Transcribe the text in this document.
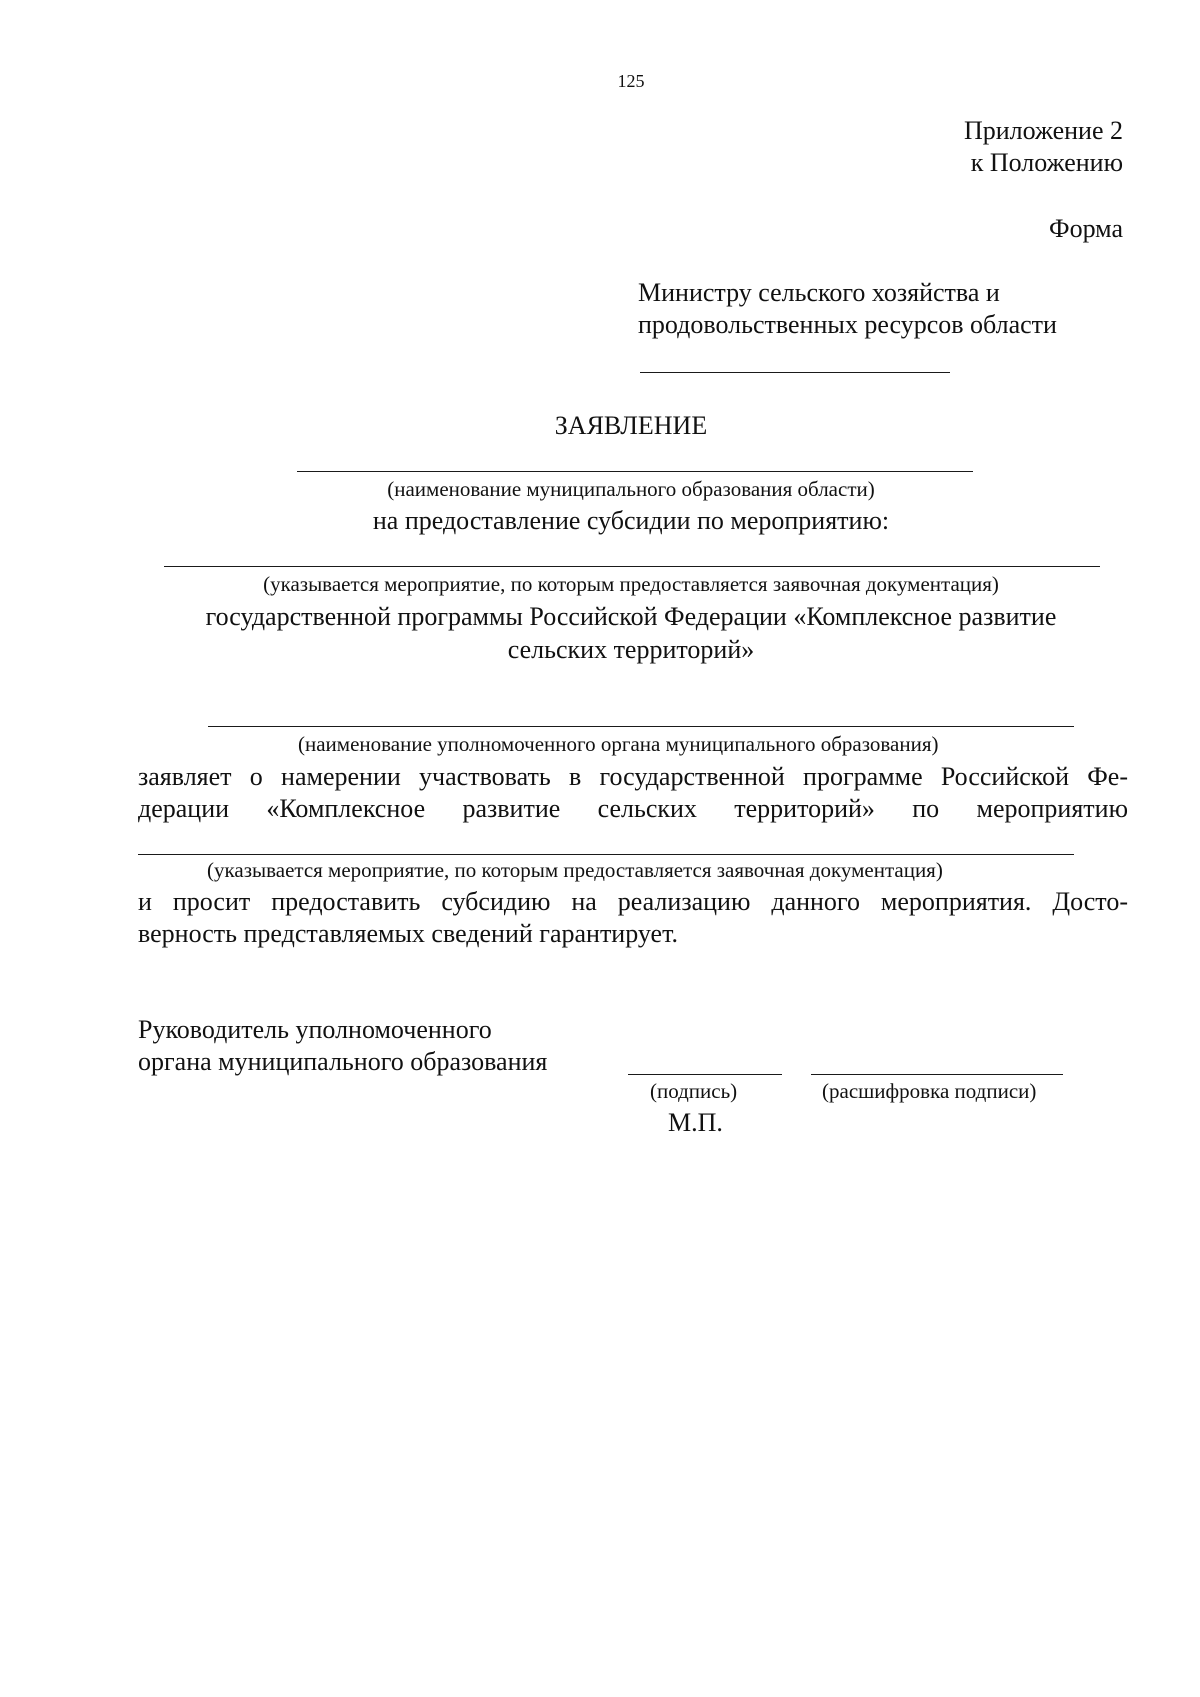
125
Приложение 2
к Положению
Форма
Министру сельского хозяйства и
продовольственных ресурсов области
ЗАЯВЛЕНИЕ
(наименование муниципального образования области)
на предоставление субсидии по мероприятию:
(указывается мероприятие, по которым предоставляется заявочная документация)
государственной программы Российской Федерации «Комплексное развитие
сельских территорий»
(наименование уполномоченного органа муниципального образования)
заявляет о намерении участвовать в государственной программе Российской Фе-
дерации «Комплексное развитие сельских территорий» по мероприятию
(указывается мероприятие, по которым предоставляется заявочная документация)
и просит предоставить субсидию на реализацию данного мероприятия. Досто-
верность представляемых сведений гарантирует.
Руководитель уполномоченного
органа муниципального образования
(подпись)	(расшифровка подписи)
М.П.
